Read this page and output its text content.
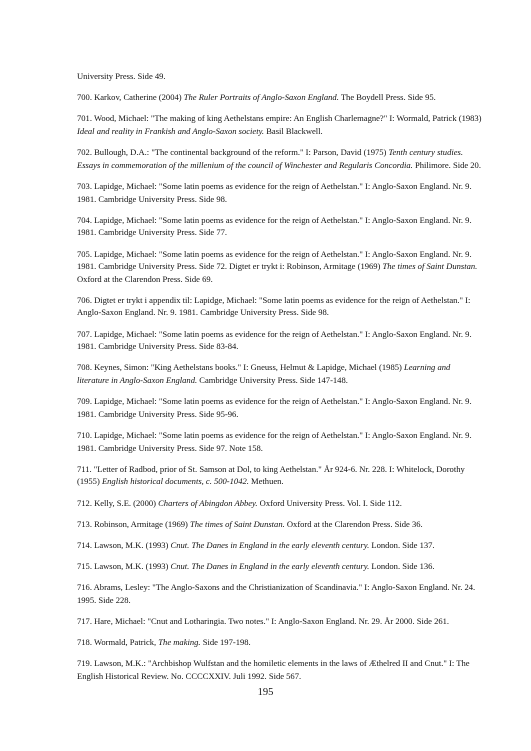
University Press. Side 49.
700. Karkov, Catherine (2004) The Ruler Portraits of Anglo-Saxon England. The Boydell Press. Side 95.
701. Wood, Michael: "The making of king Aethelstans empire: An English Charlemagne?" I: Wormald, Patrick (1983) Ideal and reality in Frankish and Anglo-Saxon society. Basil Blackwell.
702. Bullough, D.A.: "The continental background of the reform." I: Parson, David (1975) Tenth century studies. Essays in commemoration of the millenium of the council of Winchester and Regularis Concordia. Philimore. Side 20.
703. Lapidge, Michael: "Some latin poems as evidence for the reign of Aethelstan." I: Anglo-Saxon England. Nr. 9. 1981. Cambridge University Press. Side 98.
704. Lapidge, Michael: "Some latin poems as evidence for the reign of Aethelstan." I: Anglo-Saxon England. Nr. 9. 1981. Cambridge University Press. Side 77.
705. Lapidge, Michael: "Some latin poems as evidence for the reign of Aethelstan." I: Anglo-Saxon England. Nr. 9. 1981. Cambridge University Press. Side 72. Digtet er trykt i: Robinson, Armitage (1969) The times of Saint Dunstan. Oxford at the Clarendon Press. Side 69.
706. Digtet er trykt i appendix til: Lapidge, Michael: "Some latin poems as evidence for the reign of Aethelstan." I: Anglo-Saxon England. Nr. 9. 1981. Cambridge University Press. Side 98.
707. Lapidge, Michael: "Some latin poems as evidence for the reign of Aethelstan." I: Anglo-Saxon England. Nr. 9. 1981. Cambridge University Press. Side 83-84.
708. Keynes, Simon: "King Aethelstans books." I: Gneuss, Helmut & Lapidge, Michael (1985) Learning and literature in Anglo-Saxon England. Cambridge University Press. Side 147-148.
709. Lapidge, Michael: "Some latin poems as evidence for the reign of Aethelstan." I: Anglo-Saxon England. Nr. 9. 1981. Cambridge University Press. Side 95-96.
710. Lapidge, Michael: "Some latin poems as evidence for the reign of Aethelstan." I: Anglo-Saxon England. Nr. 9. 1981. Cambridge University Press. Side 97. Note 158.
711. "Letter of Radbod, prior of St. Samson at Dol, to king Aethelstan." År 924-6. Nr. 228. I: Whitelock, Dorothy (1955) English historical documents, c. 500-1042. Methuen.
712. Kelly, S.E. (2000) Charters of Abingdon Abbey. Oxford University Press. Vol. I. Side 112.
713. Robinson, Armitage (1969) The times of Saint Dunstan. Oxford at the Clarendon Press. Side 36.
714. Lawson, M.K. (1993) Cnut. The Danes in England in the early eleventh century. London. Side 137.
715. Lawson, M.K. (1993) Cnut. The Danes in England in the early eleventh century. London. Side 136.
716. Abrams, Lesley: "The Anglo-Saxons and the Christianization of Scandinavia." I: Anglo-Saxon England. Nr. 24. 1995. Side 228.
717. Hare, Michael: "Cnut and Lotharingia. Two notes." I: Anglo-Saxon England. Nr. 29. År 2000. Side 261.
718. Wormald, Patrick, The making. Side 197-198.
719. Lawson, M.K.: "Archbishop Wulfstan and the homiletic elements in the laws of Æthelred II and Cnut." I: The English Historical Review. No. CCCCXXIV. Juli 1992. Side 567.
195
